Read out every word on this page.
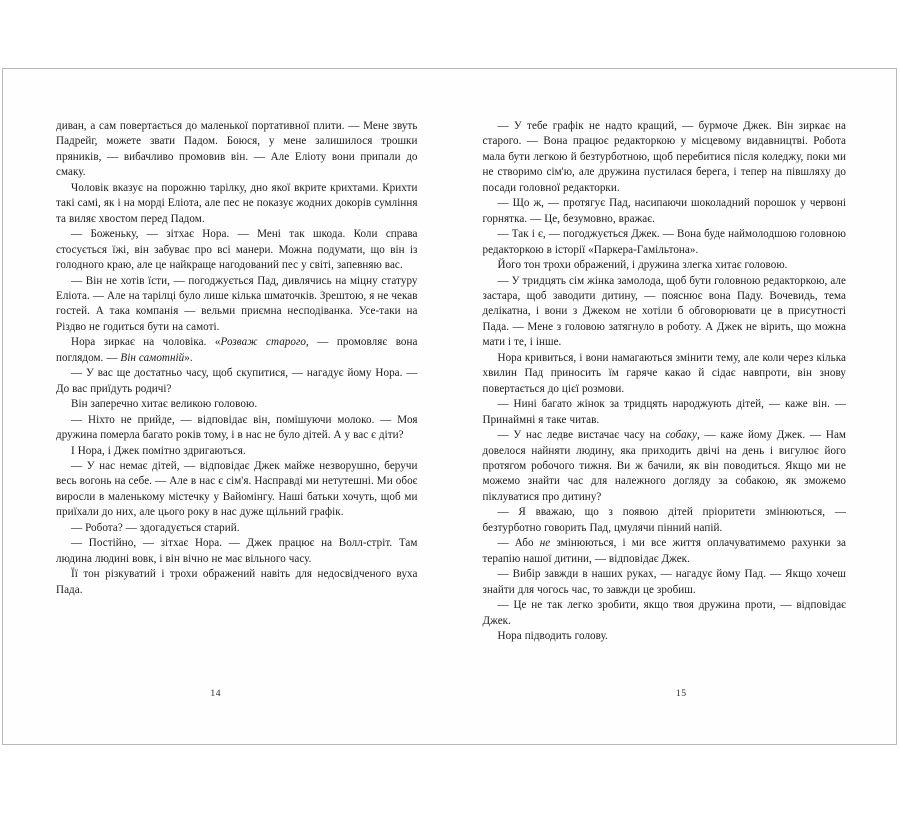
диван, а сам повертається до маленької портативної плити. — Мене звуть Падрейг, можете звати Падом. Боюся, у мене залишилося трошки пряників, — вибачливо промовив він. — Але Еліоту вони припали до смаку.

Чоловік вказує на порожню тарілку, дно якої вкрите крихтами. Крихти такі самі, як і на морді Еліота, але пес не показує жодних докорів сумління та виляє хвостом перед Падом.

— Боженьку, — зітхає Нора. — Мені так шкода. Коли справа стосується їжі, він забуває про всі манери. Можна подумати, що він із голодного краю, але це найкраще нагодований пес у світі, запевняю вас.

— Він не хотів їсти, — погоджується Пад, дивлячись на міцну статуру Еліота. — Але на тарілці було лише кілька шматочків. Зрештою, я не чекав гостей. А така компанія — вельми приємна несподіванка. Усе-таки на Різдво не годиться бути на самоті.

Нора зиркає на чоловіка. «Розваж старого, — промовляє вона поглядом. — Він самотній».

— У вас ще достатньо часу, щоб скупитися, — нагадує йому Нора. — До вас приїдуть родичі?

Він заперечно хитає великою головою.

— Ніхто не прийде, — відповідає він, помішуючи молоко. — Моя дружина померла багато років тому, і в нас не було дітей. А у вас є діти?

І Нора, і Джек помітно здригаються.

— У нас немає дітей, — відповідає Джек майже незворушно, беручи весь вогонь на себе. — Але в нас є сім'я. Насправді ми нетутешні. Ми обоє виросли в маленькому містечку у Вайомінгу. Наші батьки хочуть, щоб ми приїхали до них, але цього року в нас дуже щільний графік.

— Робота? — здогадується старий.

— Постійно, — зітхає Нора. — Джек працює на Волл-стріт. Там людина людині вовк, і він вічно не має вільного часу.

Її тон різкуватий і трохи ображений навіть для недосвідченого вуха Пада.

14

— У тебе графік не надто кращий, — бурмоче Джек. Він зиркає на старого. — Вона працює редакторкою у місцевому видавництві. Робота мала бути легкою й безтурботною, щоб перебитися після коледжу, поки ми не створимо сім'ю, але дружина пустилася берега, і тепер на півшляху до посади головної редакторки.

— Що ж, — протягує Пад, насипаючи шоколадний порошок у червоні горнятка. — Це, безумовно, вражає.

— Так і є, — погоджується Джек. — Вона буде наймолодшою головною редакторкою в історії «Паркера-Гамільтона».

Його тон трохи ображений, і дружина злегка хитає головою.

— У тридцять сім жінка замолода, щоб бути головною редакторкою, але застара, щоб заводити дитину, — пояснює вона Паду. Вочевидь, тема делікатна, і вони з Джеком не хотіли б обговорювати це в присутності Пада. — Мене з головою затягнуло в роботу. А Джек не вірить, що можна мати і те, і інше.

Нора кривиться, і вони намагаються змінити тему, але коли через кілька хвилин Пад приносить їм гаряче какао й сідає навпроти, він знову повертається до цієї розмови.

— Нині багато жінок за тридцять народжують дітей, — каже він. — Принаймні я таке читав.

— У нас ледве вистачає часу на собаку, — каже йому Джек. — Нам довелося найняти людину, яка приходить двічі на день і вигулює його протягом робочого тижня. Ви ж бачили, як він поводиться. Якщо ми не можемо знайти час для належного догляду за собакою, як зможемо піклуватися про дитину?

— Я вважаю, що з появою дітей пріоритети змінюються, — безтурботно говорить Пад, цмулячи пінний напій.

— Або не змінюються, і ми все життя оплачуватимемо рахунки за терапію нашої дитини, — відповідає Джек.

— Вибір завжди в наших руках, — нагадує йому Пад. — Якщо хочеш знайти для чогось час, то завжди це зробиш.

— Це не так легко зробити, якщо твоя дружина проти, — відповідає Джек.

Нора підводить голову.

15
